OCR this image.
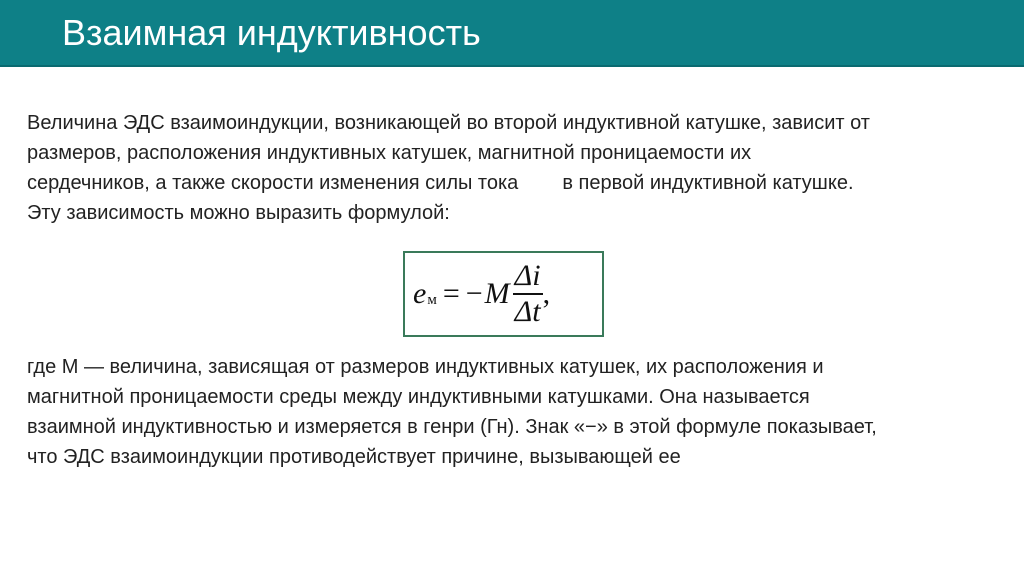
Взаимная индуктивность
Величина ЭДС взаимоиндукции, возникающей во второй индуктивной катушке, зависит от
размеров, расположения индуктивных катушек, магнитной проницаемости их
сердечников, а также скорости изменения силы тока в первой индуктивной катушке.
Эту зависимость можно выразить формулой:
e м = − M $\frac{\Delta i}{\Delta t}$ ,
где M — величина, зависящая от размеров индуктивных катушек, их расположения и
магнитной проницаемости среды между индуктивными катушками. Она называется
взаимной индуктивностью и измеряется в генри (Гн). Знак «−» в этой формуле показывает,
что ЭДС взаимоиндукции противодействует причине, вызывающей ее
